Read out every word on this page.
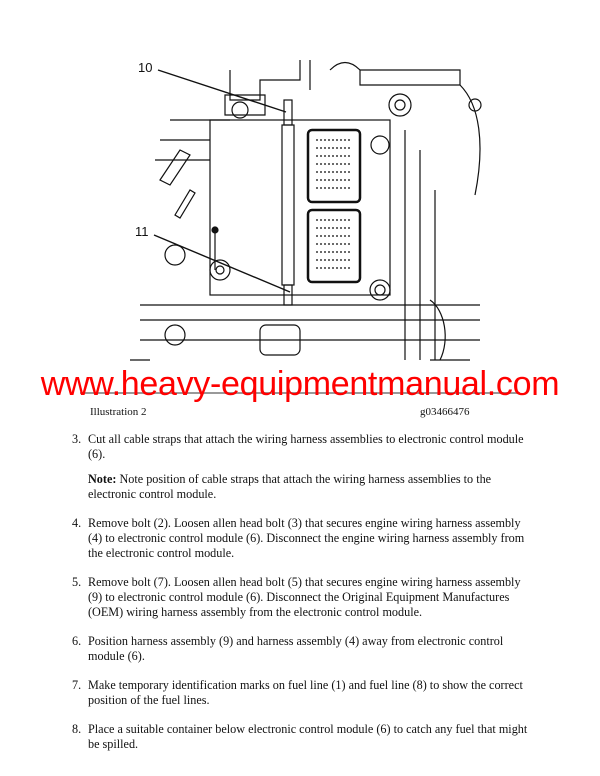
10
11
www.heavy-equipmentmanual.com
Illustration 2	g03466476
3. Cut all cable straps that attach the wiring harness assemblies to electronic control module (6).
Note: Note position of cable straps that attach the wiring harness assemblies to the electronic control module.
4. Remove bolt (2). Loosen allen head bolt (3) that secures engine wiring harness assembly (4) to electronic control module (6). Disconnect the engine wiring harness assembly from the electronic control module.
5. Remove bolt (7). Loosen allen head bolt (5) that secures engine wiring harness assembly (9) to electronic control module (6). Disconnect the Original Equipment Manufactures (OEM) wiring harness assembly from the electronic control module.
6. Position harness assembly (9) and harness assembly (4) away from electronic control module (6).
7. Make temporary identification marks on fuel line (1) and fuel line (8) to show the correct position of the fuel lines.
8. Place a suitable container below electronic control module (6) to catch any fuel that might be spilled.
